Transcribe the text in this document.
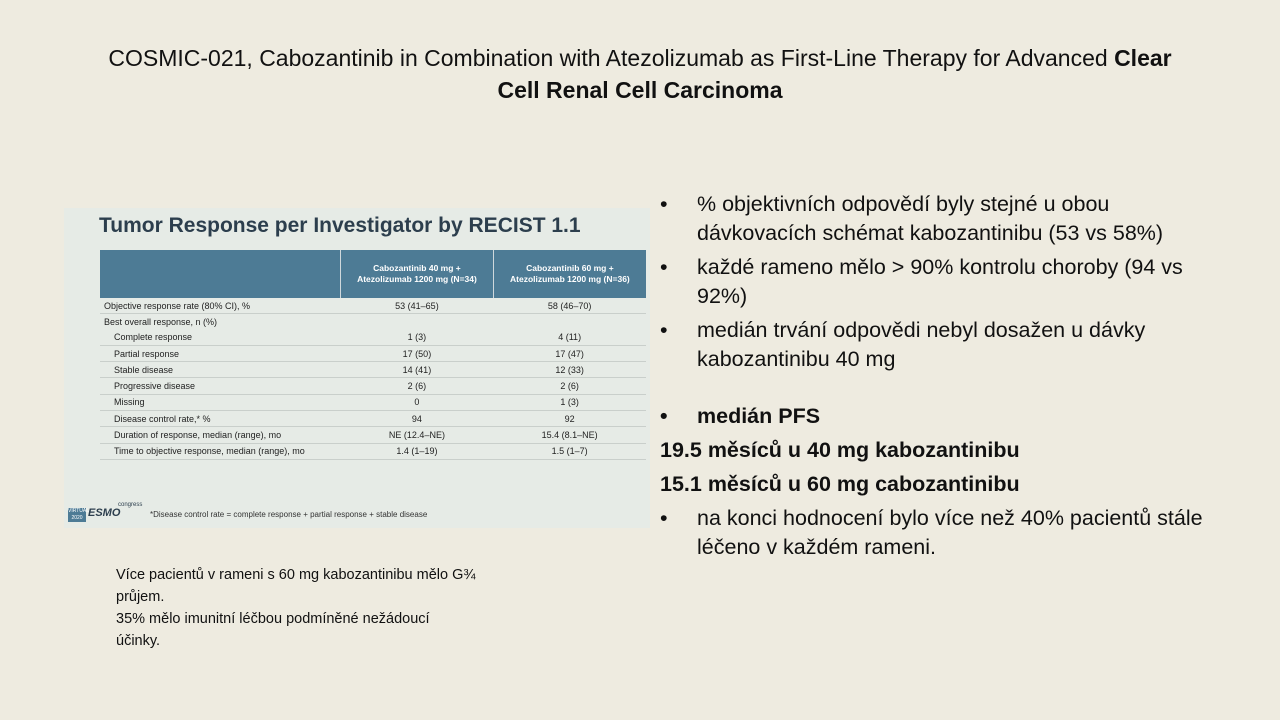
COSMIC-021, Cabozantinib in Combination with Atezolizumab as First-Line Therapy for Advanced Clear
Cell Renal Cell Carcinoma
Tumor Response per Investigator by RECIST 1.1
	Cabozantinib 40 mg + Atezolizumab 1200 mg (N=34)	Cabozantinib 60 mg + Atezolizumab 1200 mg (N=36)
Objective response rate (80% CI), %	53 (41–65)	58 (46–70)
Best overall response, n (%)		
Complete response	1 (3)	4 (11)
Partial response	17 (50)	17 (47)
Stable disease	14 (41)	12 (33)
Progressive disease	2 (6)	2 (6)
Missing	0	1 (3)
Disease control rate,* %	94	92
Duration of response, median (range), mo	NE (12.4–NE)	15.4 (8.1–NE)
Time to objective response, median (range), mo	1.4 (1–19)	1.5 (1–7)
VIRTUAL 2020 ESMO
congress
*Disease control rate = complete response + partial response + stable disease
Více pacientů v rameni s 60 mg kabozantinibu mělo G¾
průjem.
35% mělo imunitní léčbou podmíněné nežádoucí
účinky.
• % objektivních odpovědí byly stejné u obou dávkovacích schémat kabozantinibu (53 vs 58%)
• každé rameno mělo > 90% kontrolu choroby (94 vs 92%)
• medián trvání odpovědi nebyl dosažen u dávky kabozantinibu 40 mg
• medián PFS
19.5 měsíců u 40 mg kabozantinibu
15.1 měsíců u 60 mg cabozantinibu
• na konci hodnocení bylo více než 40% pacientů stále léčeno v každém rameni.
